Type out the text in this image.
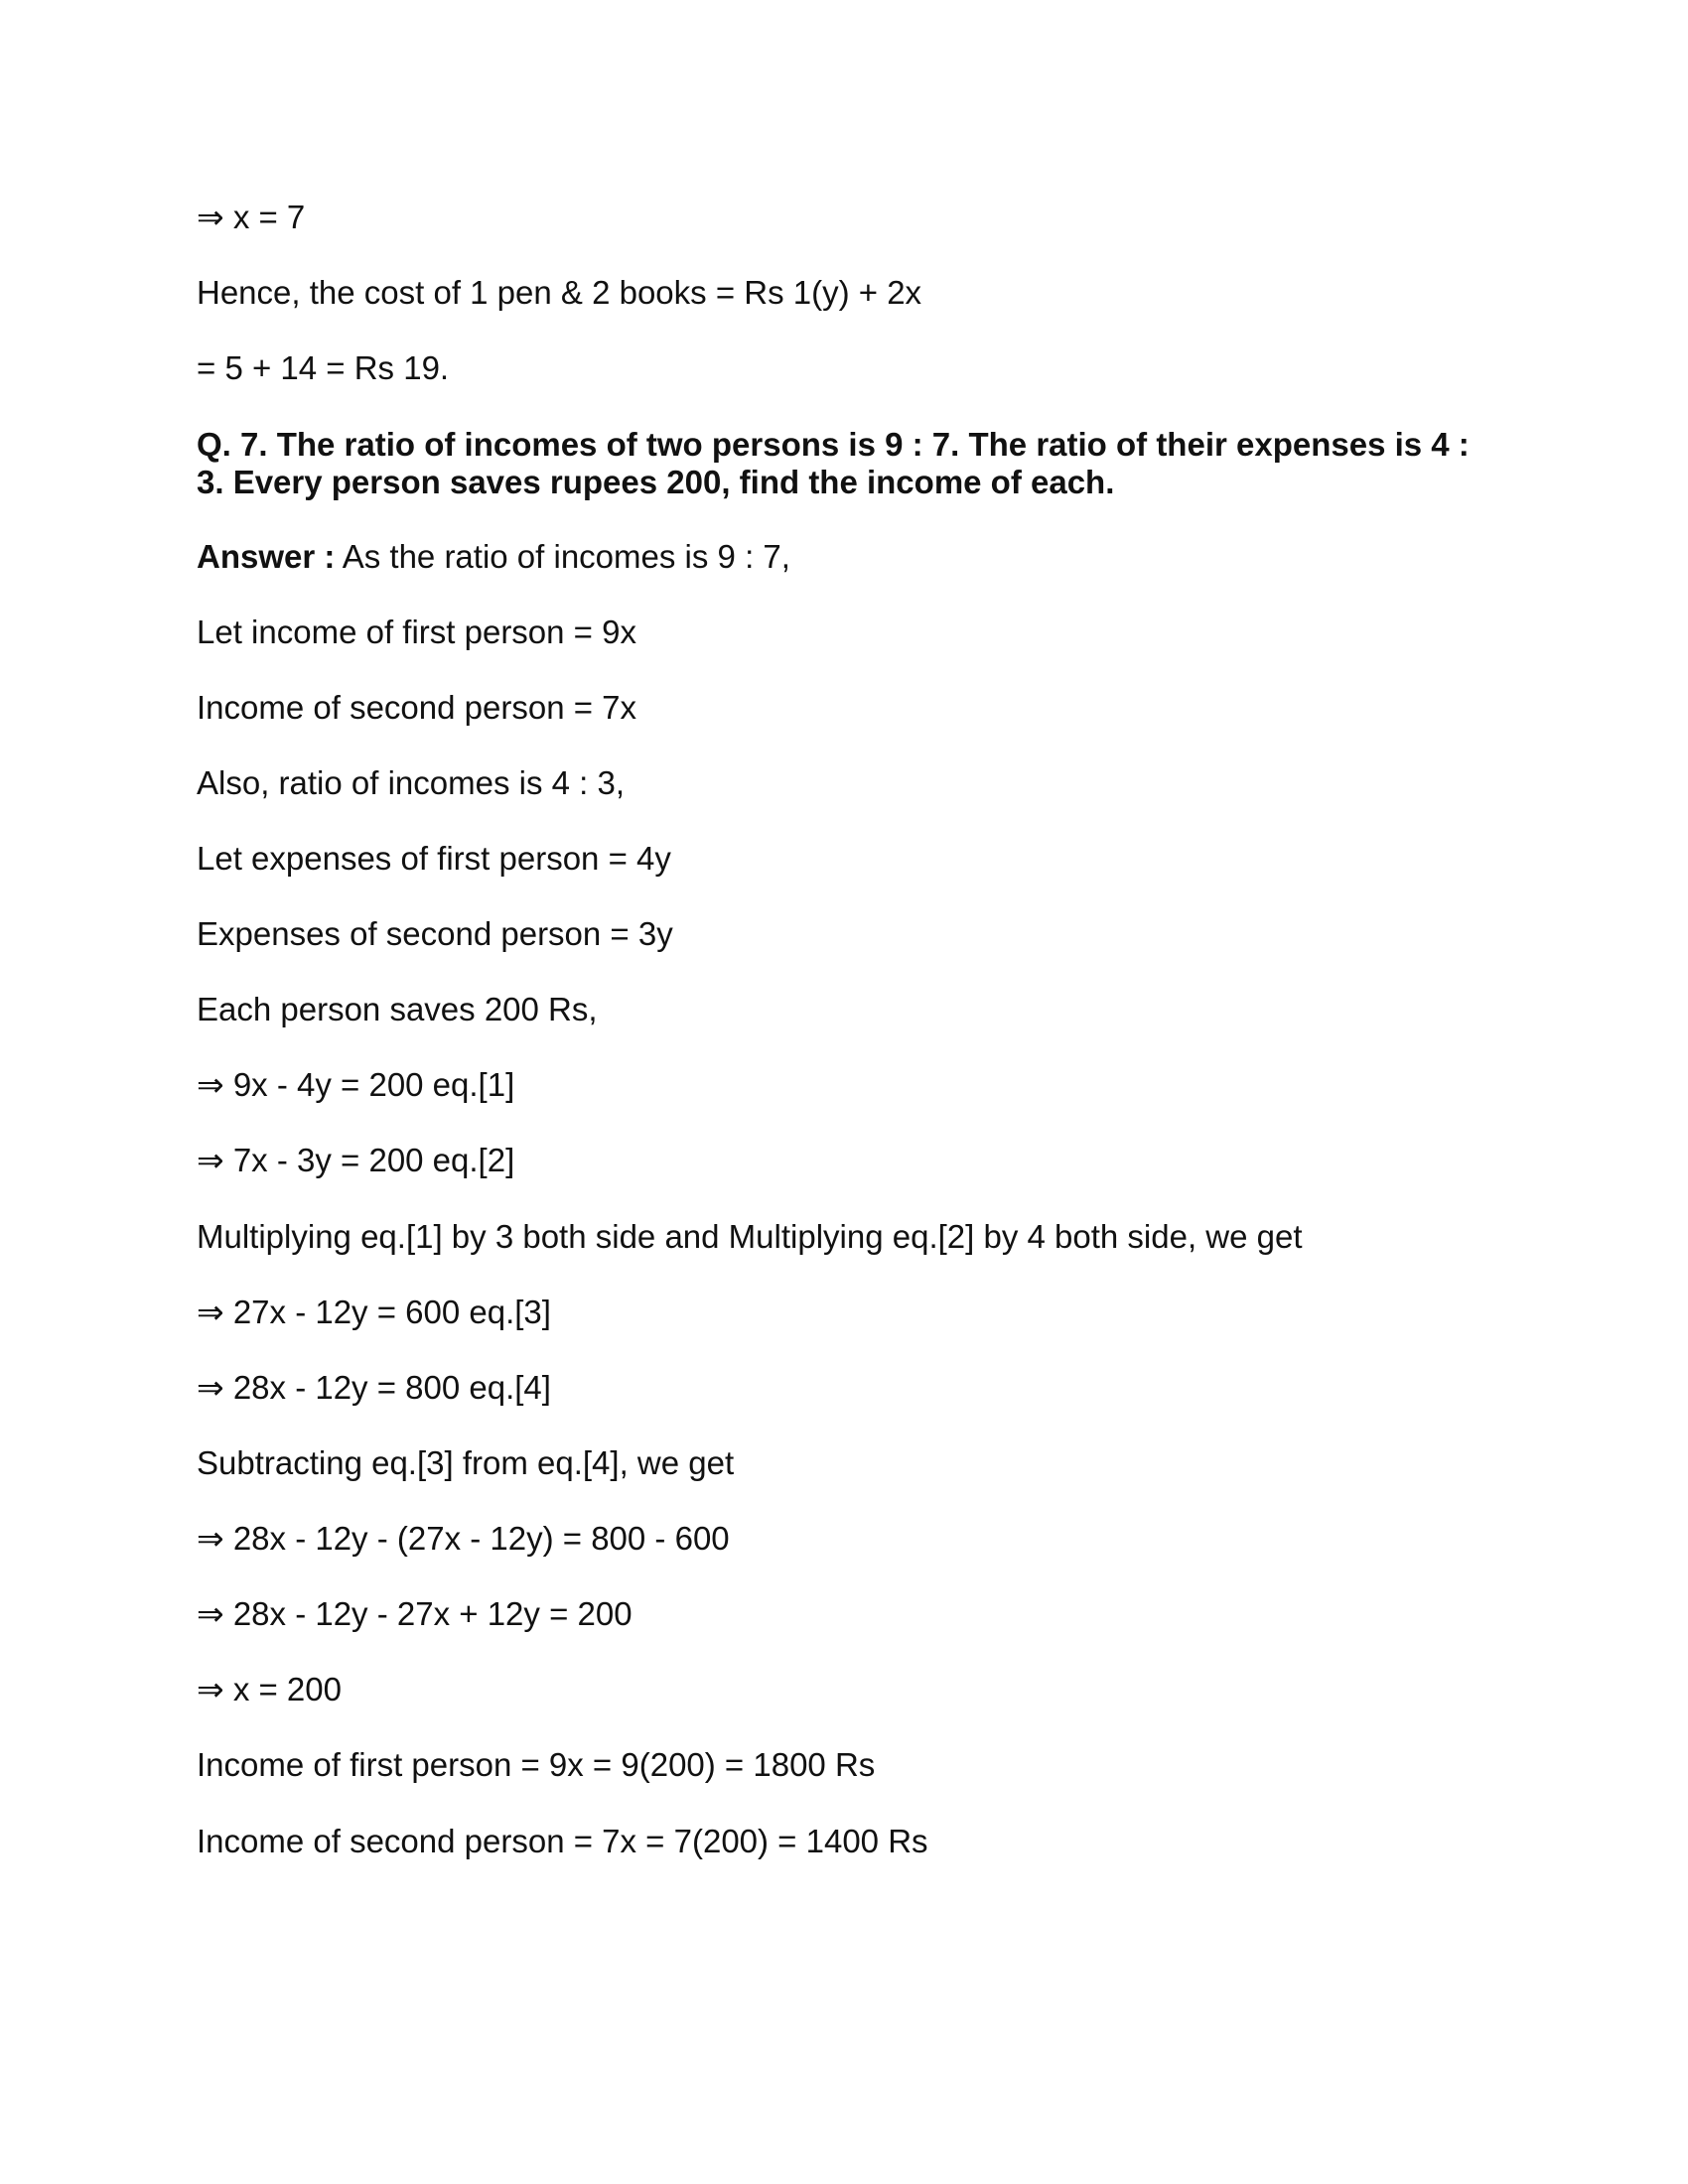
⇒ x = 7
Hence, the cost of 1 pen & 2 books = Rs 1(y) + 2x
= 5 + 14 = Rs 19.
Q. 7. The ratio of incomes of two persons is 9 : 7. The ratio of their expenses is 4 :
3. Every person saves rupees 200, find the income of each.
Answer : As the ratio of incomes is 9 : 7,
Let income of first person = 9x
Income of second person = 7x
Also, ratio of incomes is 4 : 3,
Let expenses of first person = 4y
Expenses of second person = 3y
Each person saves 200 Rs,
⇒ 9x - 4y = 200 eq.[1]
⇒ 7x - 3y = 200 eq.[2]
Multiplying eq.[1] by 3 both side and Multiplying eq.[2] by 4 both side, we get
⇒ 27x - 12y = 600 eq.[3]
⇒ 28x - 12y = 800 eq.[4]
Subtracting eq.[3] from eq.[4], we get
⇒ 28x - 12y - (27x - 12y) = 800 - 600
⇒ 28x - 12y - 27x + 12y = 200
⇒ x = 200
Income of first person = 9x = 9(200) = 1800 Rs
Income of second person = 7x = 7(200) = 1400 Rs
